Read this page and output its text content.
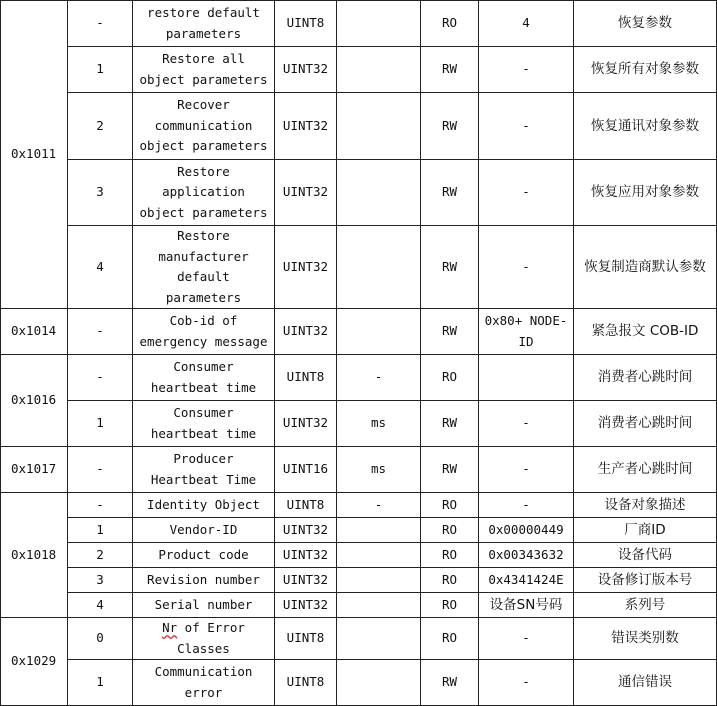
0x1011	-	restore default parameters	UINT8		RO	4	恢复参数
	1	Restore all object parameters	UINT32		RW	-	恢复所有对象参数
	2	Recover communication object parameters	UINT32		RW	-	恢复通讯对象参数
	3	Restore application object parameters	UINT32		RW	-	恢复应用对象参数
	4	Restore manufacturer default parameters	UINT32		RW	-	恢复制造商默认参数
0x1014	-	Cob-id of emergency message	UINT32		RW	0x80+ NODE-ID	紧急报文 COB-ID
0x1016	-	Consumer heartbeat time	UINT8	-	RO		消费者心跳时间
	1	Consumer heartbeat time	UINT32	ms	RW	-	消费者心跳时间
0x1017	-	Producer Heartbeat Time	UINT16	ms	RW	-	生产者心跳时间
0x1018	-	Identity Object	UINT8	-	RO	-	设备对象描述
	1	Vendor-ID	UINT32		RO	0x00000449	厂商ID
	2	Product code	UINT32		RO	0x00343632	设备代码
	3	Revision number	UINT32		RO	0x4341424E	设备修订版本号
	4	Serial number	UINT32		RO	设备SN号码	系列号
0x1029	0	Nr of Error Classes	UINT8		RO	-	错误类别数
	1	Communication error	UINT8		RW	-	通信错误
